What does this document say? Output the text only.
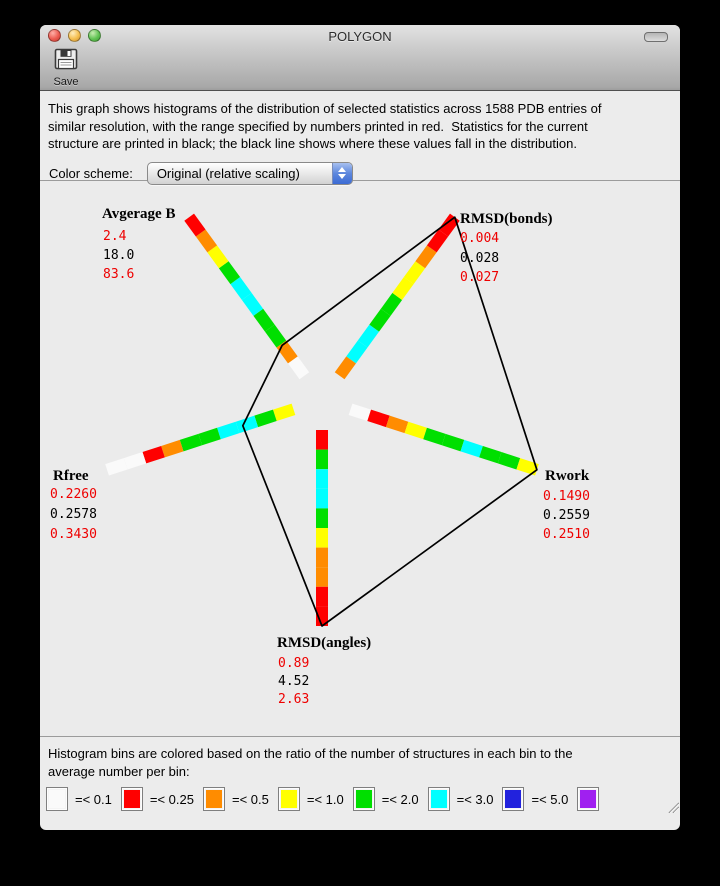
POLYGON
Save
This graph shows histograms of the distribution of selected statistics across 1588 PDB entries of
similar resolution, with the range specified by numbers printed in red.  Statistics for the current
structure are printed in black; the black line shows where these values fall in the distribution.
Color scheme:	Original (relative scaling)
Avgerage B
2.4
18.0
83.6
RMSD(bonds)
0.004
0.028
0.027
Rwork
0.1490
0.2559
0.2510
RMSD(angles)
0.89
4.52
2.63
Rfree
0.2260
0.2578
0.3430
Histogram bins are colored based on the ratio of the number of structures in each bin to the
average number per bin:
=< 0.1	=< 0.25	=< 0.5	=< 1.0	=< 2.0	=< 3.0	=< 5.0
